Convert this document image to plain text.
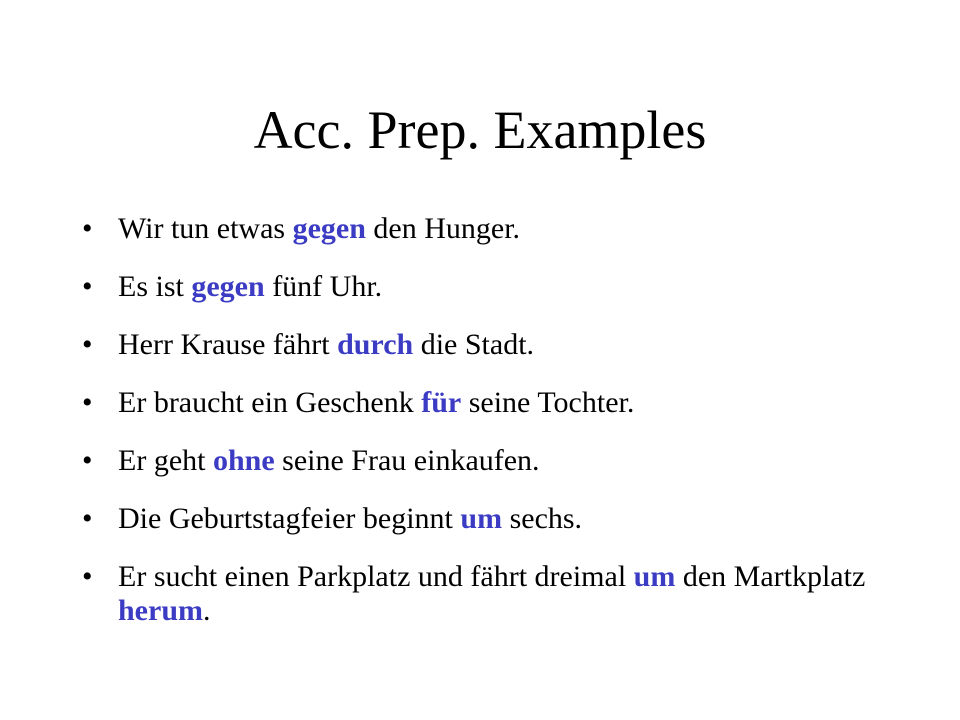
Acc. Prep. Examples
• Wir tun etwas gegen den Hunger.
• Es ist gegen fünf Uhr.
• Herr Krause fährt durch die Stadt.
• Er braucht ein Geschenk für seine Tochter.
• Er geht ohne seine Frau einkaufen.
• Die Geburtstagfeier beginnt um sechs.
• Er sucht einen Parkplatz und fährt dreimal um den Martkplatz herum.
